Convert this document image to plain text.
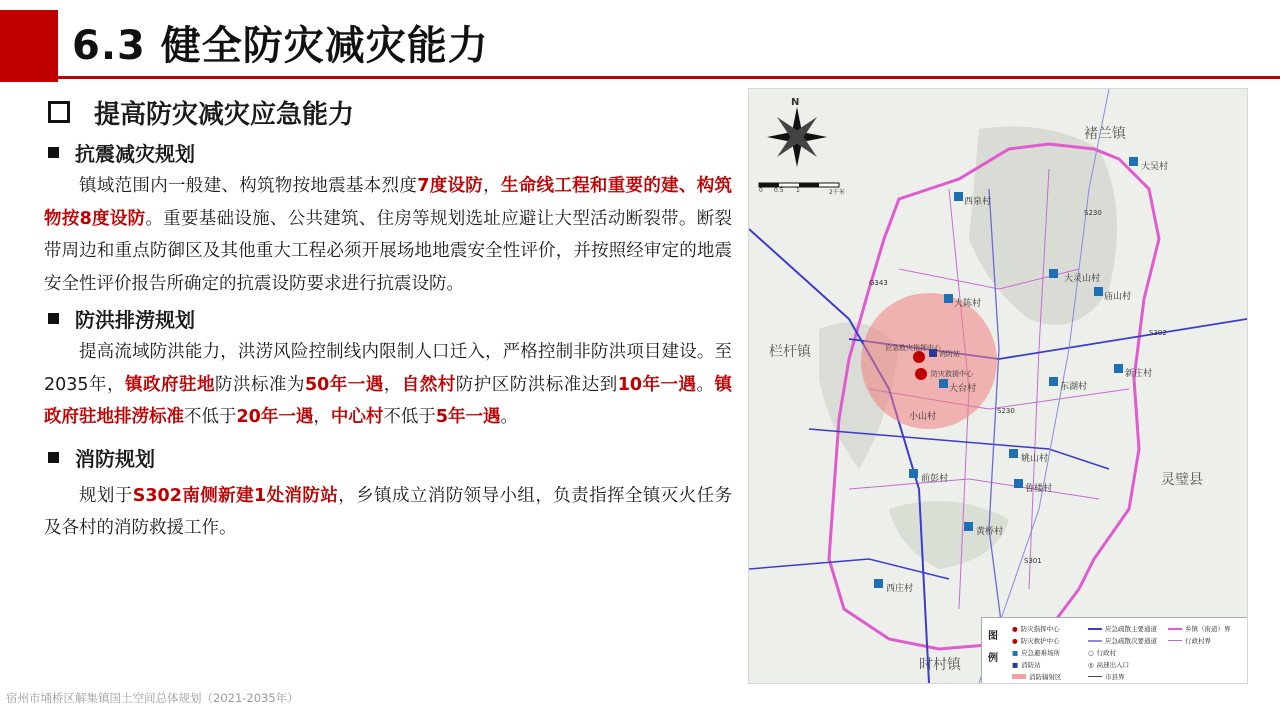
6.3 健全防灾减灾能力
提高防灾减灾应急能力
抗震减灾规划

镇域范围内一般建、构筑物按地震基本烈度7度设防，生命线工程和重要的建、构筑物按8度设防。重要基础设施、公共建筑、住房等规划选址应避让大型活动断裂带。断裂带周边和重点防御区及其他重大工程必须开展场地地震安全性评价，并按照经审定的地震安全性评价报告所确定的抗震设防要求进行抗震设防。

防洪排涝规划

提高流域防洪能力，洪涝风险控制线内限制人口迁入，严格控制非防洪项目建设。至2035年，镇政府驻地防洪标准为50年一遇，自然村防护区防洪标准达到10年一遇。镇政府驻地排涝标准不低于20年一遇，中心村不低于5年一遇。

消防规划

规划于S302南侧新建1处消防站，乡镇成立消防领导小组，负责指挥全镇灭火任务及各村的消防救援工作。

宿州市埇桥区解集镇国土空间总体规划（2021-2035年）
N
0 0.5 1	2千米
褚兰镇
栏杆镇
灵璧县
时村镇
大吴村
西泉村
庙山村
大灵山村
新庄村
大台村	东湖村
大陈村
前彭村
姚山村
鲁楼村
黄桥村
西庄村
小山村
应急救灾指挥中心
消防站
防灾救援中心
S302
G343
S230
S301
S230
图例
● 防灾指挥中心
● 防灾救护中心
■ 应急避难场所
■ 消防站
消防辐射区
应急疏散主要通道
应急疏散次要通道
○ 行政村
◎ 高速出入口
市县界
乡镇（街道）界
行政村界
